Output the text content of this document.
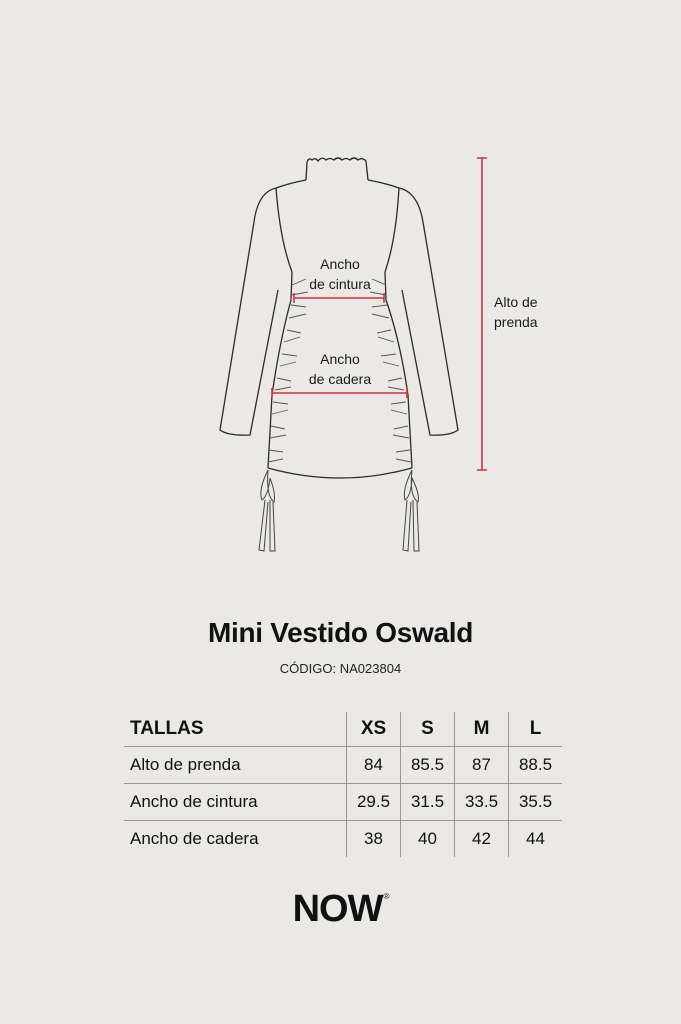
Ancho
de cintura
Ancho
de cadera
Alto de
prenda
Mini Vestido Oswald
CÓDIGO: NA023804
TALLAS	XS	S	M	L
Alto de prenda	84	85.5	87	88.5
Ancho de cintura	29.5	31.5	33.5	35.5
Ancho de cadera	38	40	42	44
NOW®
